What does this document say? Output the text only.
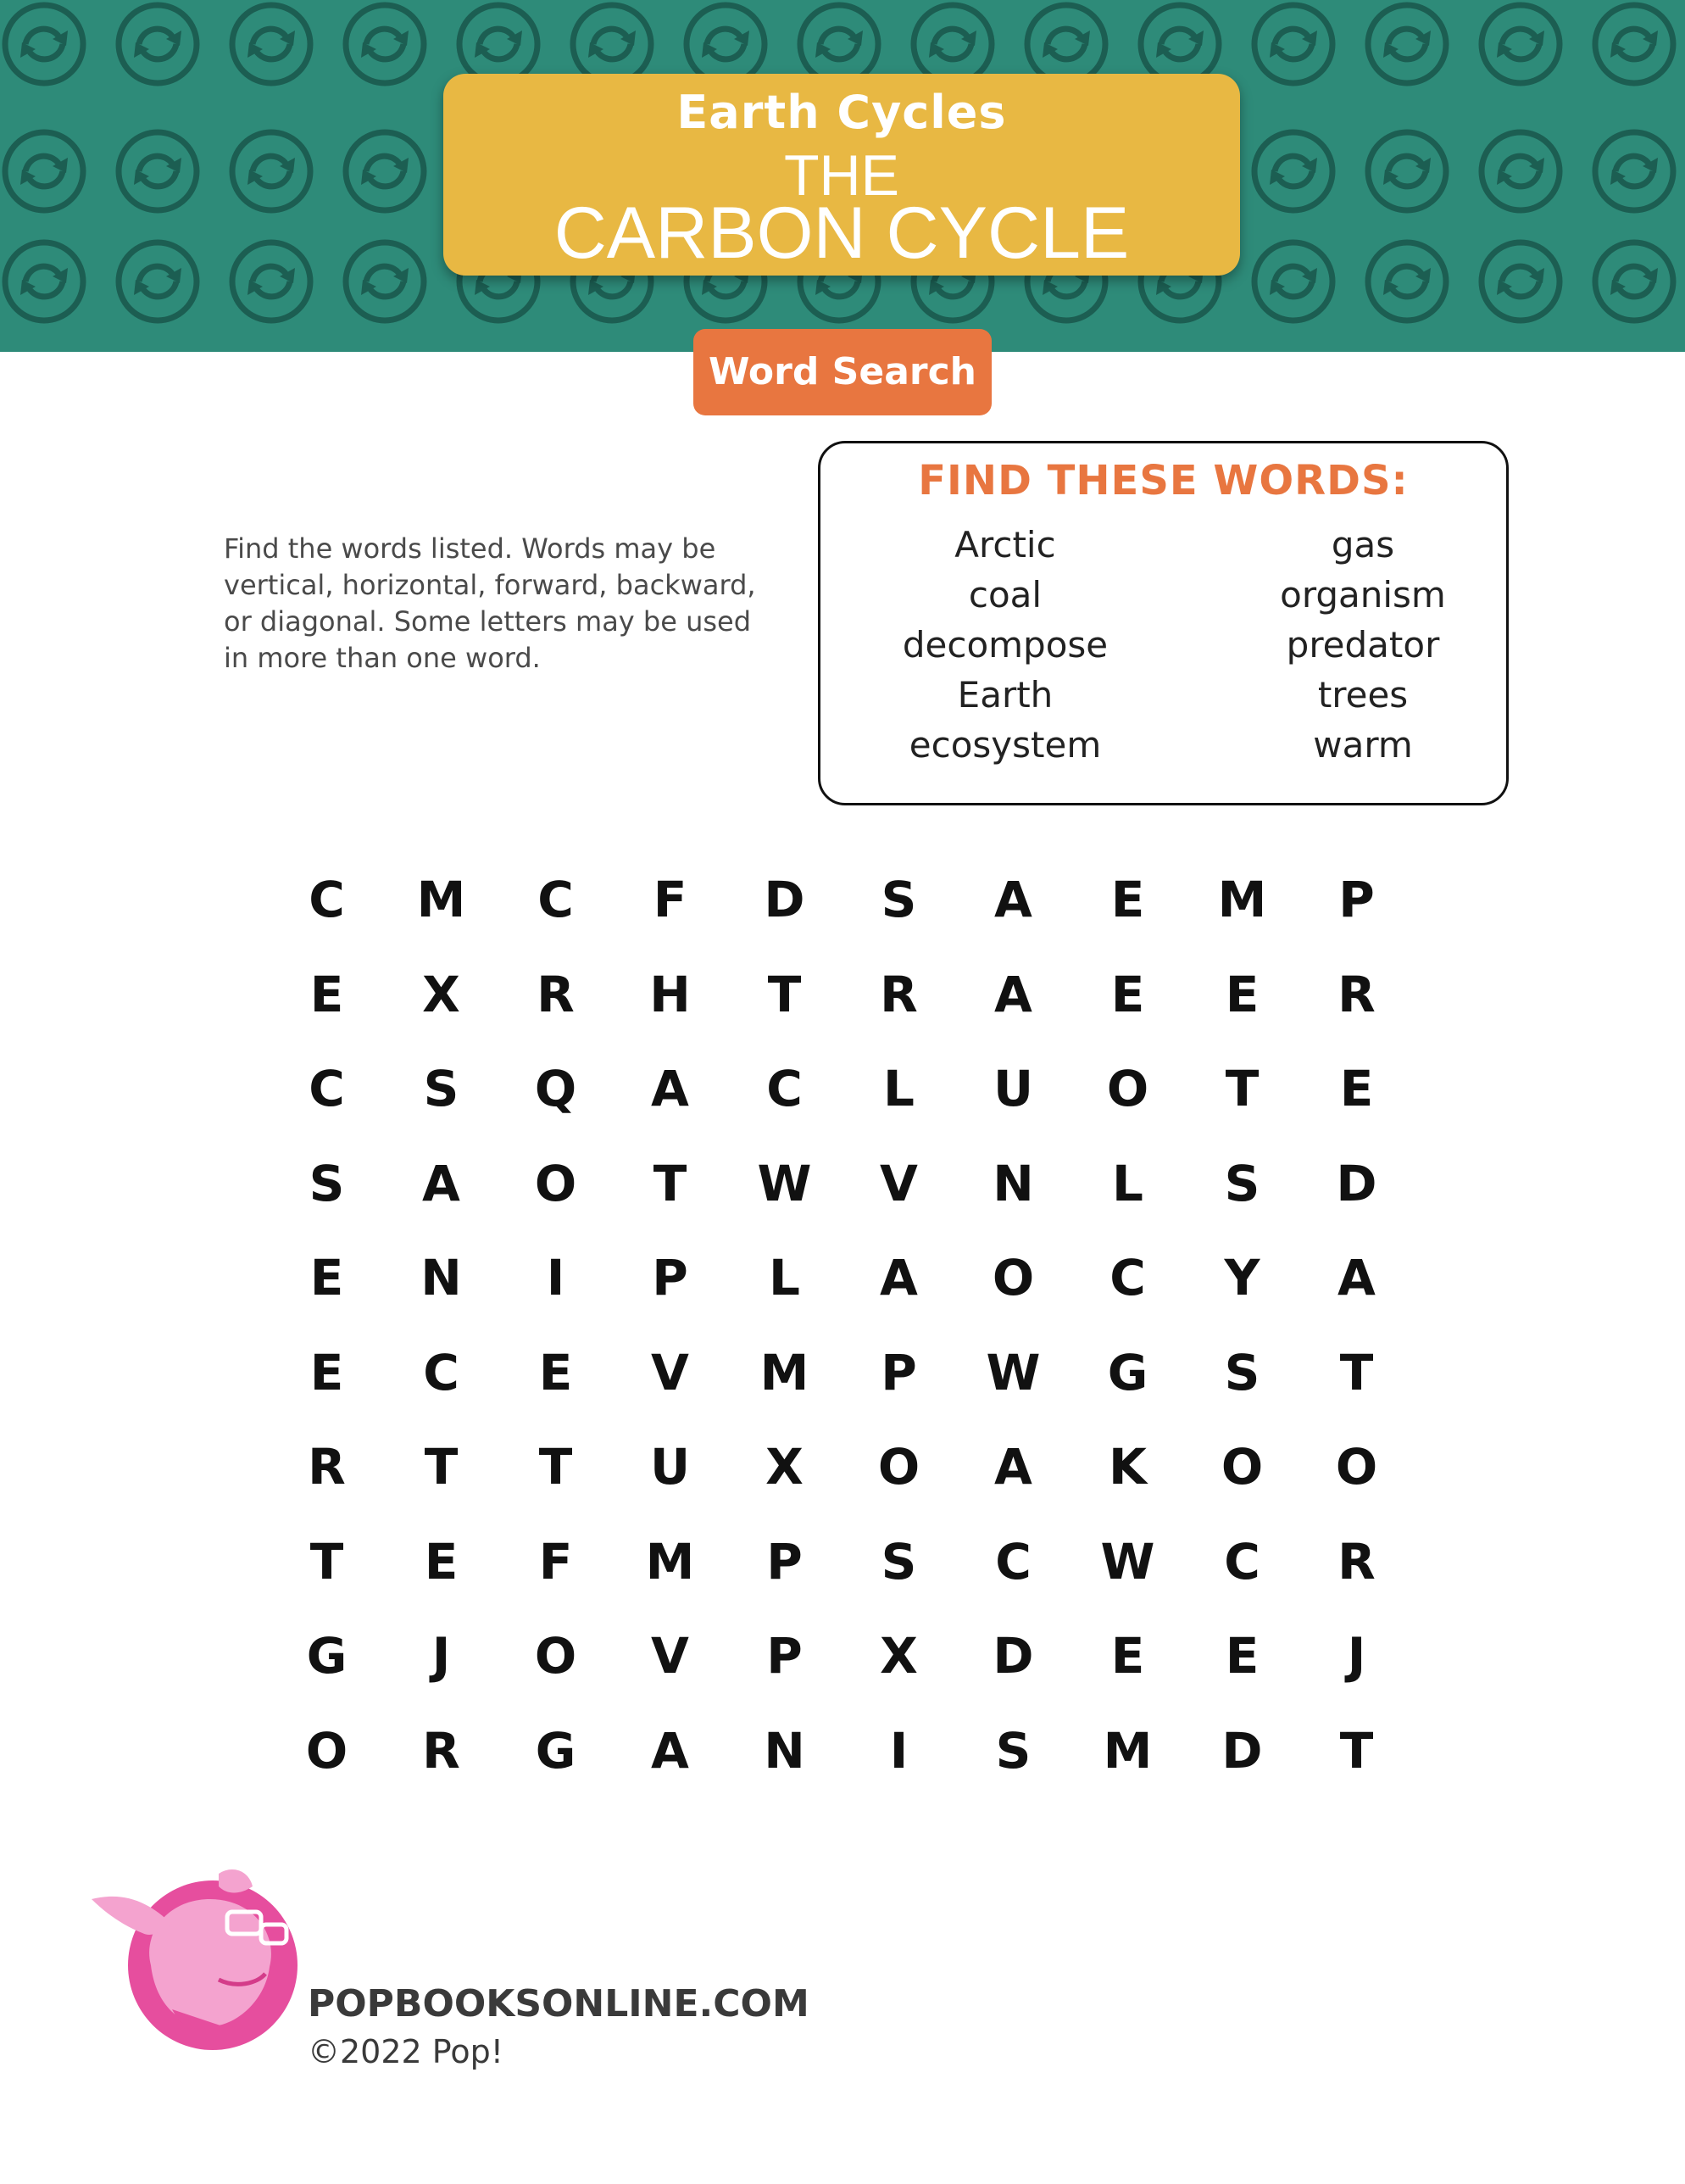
Earth Cycles
THE
CARBON CYCLE
Word Search
Find the words listed. Words may be vertical, horizontal, forward, backward, or diagonal. Some letters may be used in more than one word.
FIND THESE WORDS:
Arctic
coal
decompose
Earth
ecosystem
gas
organism
predator
trees
warm
C	M	C	F	D	S	A	E	M	P
E	X	R	H	T	R	A	E	E	R
C	S	Q	A	C	L	U	O	T	E
S	A	O	T	W	V	N	L	S	D
E	N	I	P	L	A	O	C	Y	A
E	C	E	V	M	P	W	G	S	T
R	T	T	U	X	O	A	K	O	O
T	E	F	M	P	S	C	W	C	R
G	J	O	V	P	X	D	E	E	J
O	R	G	A	N	I	S	M	D	T
POPBOOKSONLINE.COM
©2022 Pop!
